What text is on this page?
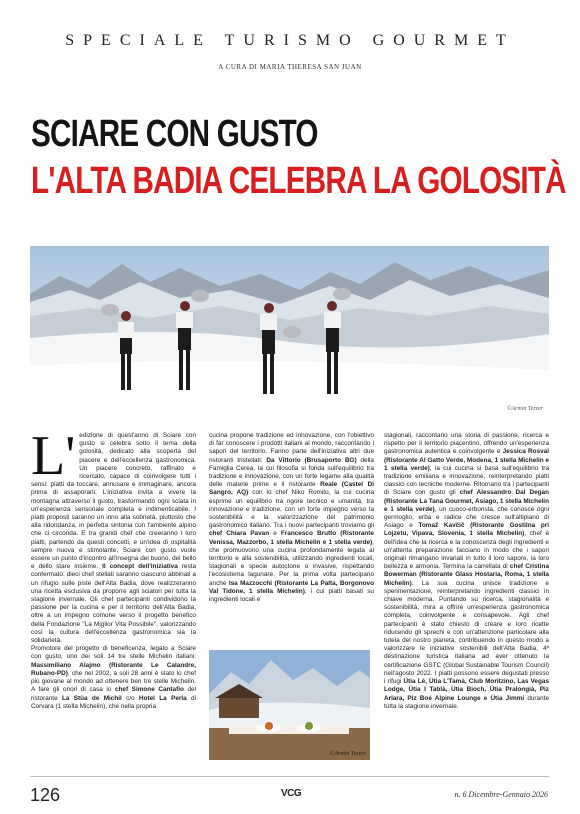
SPECIALE TURISMO GOURMET
A CURA DI MARIA THERESA SAN JUAN
SCIARE CON GUSTO
L'ALTA BADIA CELEBRA LA GOLOSITÀ
©Armin Terzer
L' edizione di quest'anno di Sciare con gusto si celebra sotto il tema della golosità, dedicato alla scoperta del piacere e dell'eccellenza gastronomica. Un piacere concreto, raffinato e ricercato, capace di coinvolgere tutti i sensi: piatti da toccare, annusare e immaginare, ancora prima di assaporarli. L'iniziativa invita a vivere la montagna attraverso il gusto, trasformando ogni sciata in un'esperienza sensoriale completa e indimenticabile. I piatti proposti saranno un inno alla sobrietà, piuttosto che alla ridondanza, in perfetta sintonia con l'ambiente alpino che ci circonda. E tra grandi chef che creeranno i loro piatti, partendo da questi concetti, e un'idea di ospitalità sempre nuova e stimolante, Sciare con gusto vuole essere un punto d'incontro all'insegna del buono, del bello e dello stare insieme. Il concept dell'iniziativa resta confermato: dieci chef stellati saranno ciascuno abbinati a un rifugio sulle piste dell'Alta Badia, dove realizzeranno una ricetta esclusiva da proporre agli sciatori per tutta la stagione invernale. Gli chef partecipanti condividono la passione per la cucina e per il territorio dell'Alta Badia, oltre a un impegno comune verso il progetto benefico della Fondazione "La Miglior Vita Possibile", valorizzando così la cultura dell'eccellenza gastronomica sia la solidarietà.

Promotore del progetto di beneficenza, legato a Sciare con gusto, uno dei soli 14 tre stelle Michelin italiani: Massimiliano Alajmo (Ristorante Le Calandre, Rubano-PD), che nel 2002, a soli 28 anni è stato lo chef più giovane al mondo ad ottenere ben tre stelle Michelin. A fare gli onori di casa lo chef Simone Cantafio del ristorante La Stüa de Michil c/o Hotel La Perla di Corvara (1 stella Michelin), che nella propria

cucina propone tradizione ed innovazione, con l'obiettivo di far conoscere i prodotti italiani al mondo, raccontando i sapori del territorio. Fanno parte dell'iniziativa altri due ristoranti tristellati: Da Vittorio (Brusaporto BG) della Famiglia Cerea, la cui filosofia si fonda sull'equilibrio tra tradizione e innovazione, con un forte legame alla qualità delle materie prime e il ristorante Reale (Castel Di Sangro, AQ) con lo chef Niko Romito, la cui cucina esprime un equilibrio tra rigore tecnico e umanità, tra innovazione e tradizione, con un forte impegno verso la sostenibilità e la valorizzazione del patrimonio gastronomico italiano. Tra i nuovi partecipanti troviamo gli chef Chiara Pavan e Francesco Brutto (Ristorante Venissa, Mazzorbo, 1 stella Michelin e 1 stella verde), che promuovono una cucina profondamente legata al territorio e alla sostenibilità, utilizzando ingredienti locali, stagionali e specie autoctone o invasive, rispettando l'ecosistema lagunare. Per la prima volta partecipano anche Isa Mazzocchi (Ristorante La Palta, Borgonovo Val Tidone, 1 stella Michelin), i cui piatti basati su ingredienti locali e

stagionali, raccontano una storia di passione, ricerca e rispetto per il territorio piacentino, offrendo un'esperienza gastronomica autentica e coinvolgente e Jessica Rosval (Ristorante Al Gatto Verde, Modena, 1 stella Michelin e 1 stella verde), la cui cucina si basa sull'equilibrio tra tradizione emiliana e innovazione, reinterpretando piatti classici con tecniche moderne. Ritornano tra i partecipanti di Sciare con gusto gli chef Alessandro Dal Degan (Ristorante La Tana Gourmet, Asiago, 1 stella Michelin e 1 stella verde), un cuoco-erborista, che conosce ogni germoglio, erba e radice che cresce sull'altipiano di Asiago e Tomaž Kavčič (Ristorante Gostilna pri Lojzetu, Vipava, Slovenia, 1 stella Michelin), chef è dell'idea che la ricerca e la conoscenza degli ingredienti e un'attenta preparazione facciano in modo che i sapori originali rimangano invariati in tutto il loro sapore, la loro bellezza e armonia. Termina la carrellata di chef Cristina Bowerman (Ristorante Glass Hostaria, Roma, 1 stella Michelin). La sua cucina unisce tradizione e sperimentazione, reinterpretando ingredienti classici in chiave moderna. Puntando su ricerca, stagionalità e sostenibilità, mira a offrire un'esperienza gastronomica completa, coinvolgente e consapevole. Agli chef partecipanti è stato chiesto di creare e loro ricette riducendo gli sprechi e con un'attenzione particolare alla tutela del nostro pianeta, contribuendo in questo modo a valorizzare le iniziative sostenibili dell'Alta Badia, 4ª destinazione turistica italiana ad aver ottenuto la certificazione GSTC (Global Sustainable Tourism Council) nell'agosto 2022. I piatti possono essere degustati presso i rifugi Ütia Lè, Ütia L'Tamà, Club Moritzino, Las Vegas Lodge, Ütia I Tablà, Ütia Bioch, Ütia Pralongià, Piz Arlara, Piz Boé Alpine Lounge e Ütia Jimmi durante tutta la stagione invernale.

©Armin Terzer
126	VCG	n. 6 Dicembre-Gennaio 2026
